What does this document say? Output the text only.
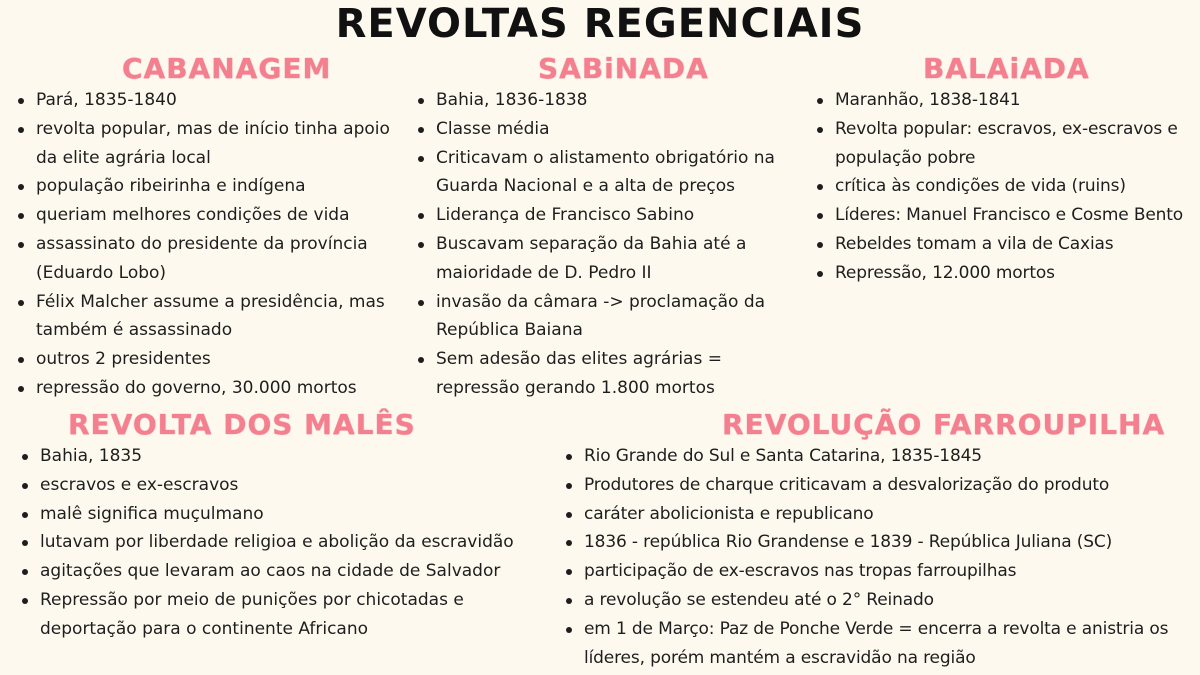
REVOLTAS REGENCIAIS
CABANAGEM
Pará, 1835-1840
revolta popular, mas de início tinha apoio da elite agrária local
população ribeirinha e indígena
queriam melhores condições de vida
assassinato do presidente da província (Eduardo Lobo)
Félix Malcher assume a presidência, mas também é assassinado
outros 2 presidentes
repressão do governo, 30.000 mortos
SABiNADA
Bahia, 1836-1838
Classe média
Criticavam o alistamento obrigatório na Guarda Nacional e a alta de preços
Liderança de Francisco Sabino
Buscavam separação da Bahia até a maioridade de D. Pedro II
invasão da câmara -> proclamação da República Baiana
Sem adesão das elites agrárias = repressão gerando 1.800 mortos
BALAiADA
Maranhão, 1838-1841
Revolta popular: escravos, ex-escravos e população pobre
crítica às condições de vida (ruins)
Líderes: Manuel Francisco e Cosme Bento
Rebeldes tomam a vila de Caxias
Repressão, 12.000 mortos
REVOLTA DOS MALÊS
Bahia, 1835
escravos e ex-escravos
malê significa muçulmano
lutavam por liberdade religioa e abolição da escravidão
agitações que levaram ao caos na cidade de Salvador
Repressão por meio de punições por chicotadas e deportação para o continente Africano
REVOLUÇÃO FARROUPILHA
Rio Grande do Sul e Santa Catarina, 1835-1845
Produtores de charque criticavam a desvalorização do produto
caráter abolicionista e republicano
1836 - república Rio Grandense e 1839 - República Juliana (SC)
participação de ex-escravos nas tropas farroupilhas
a revolução se estendeu até o 2° Reinado
em 1 de Março: Paz de Ponche Verde = encerra a revolta e anistria os líderes, porém mantém a escravidão na região
